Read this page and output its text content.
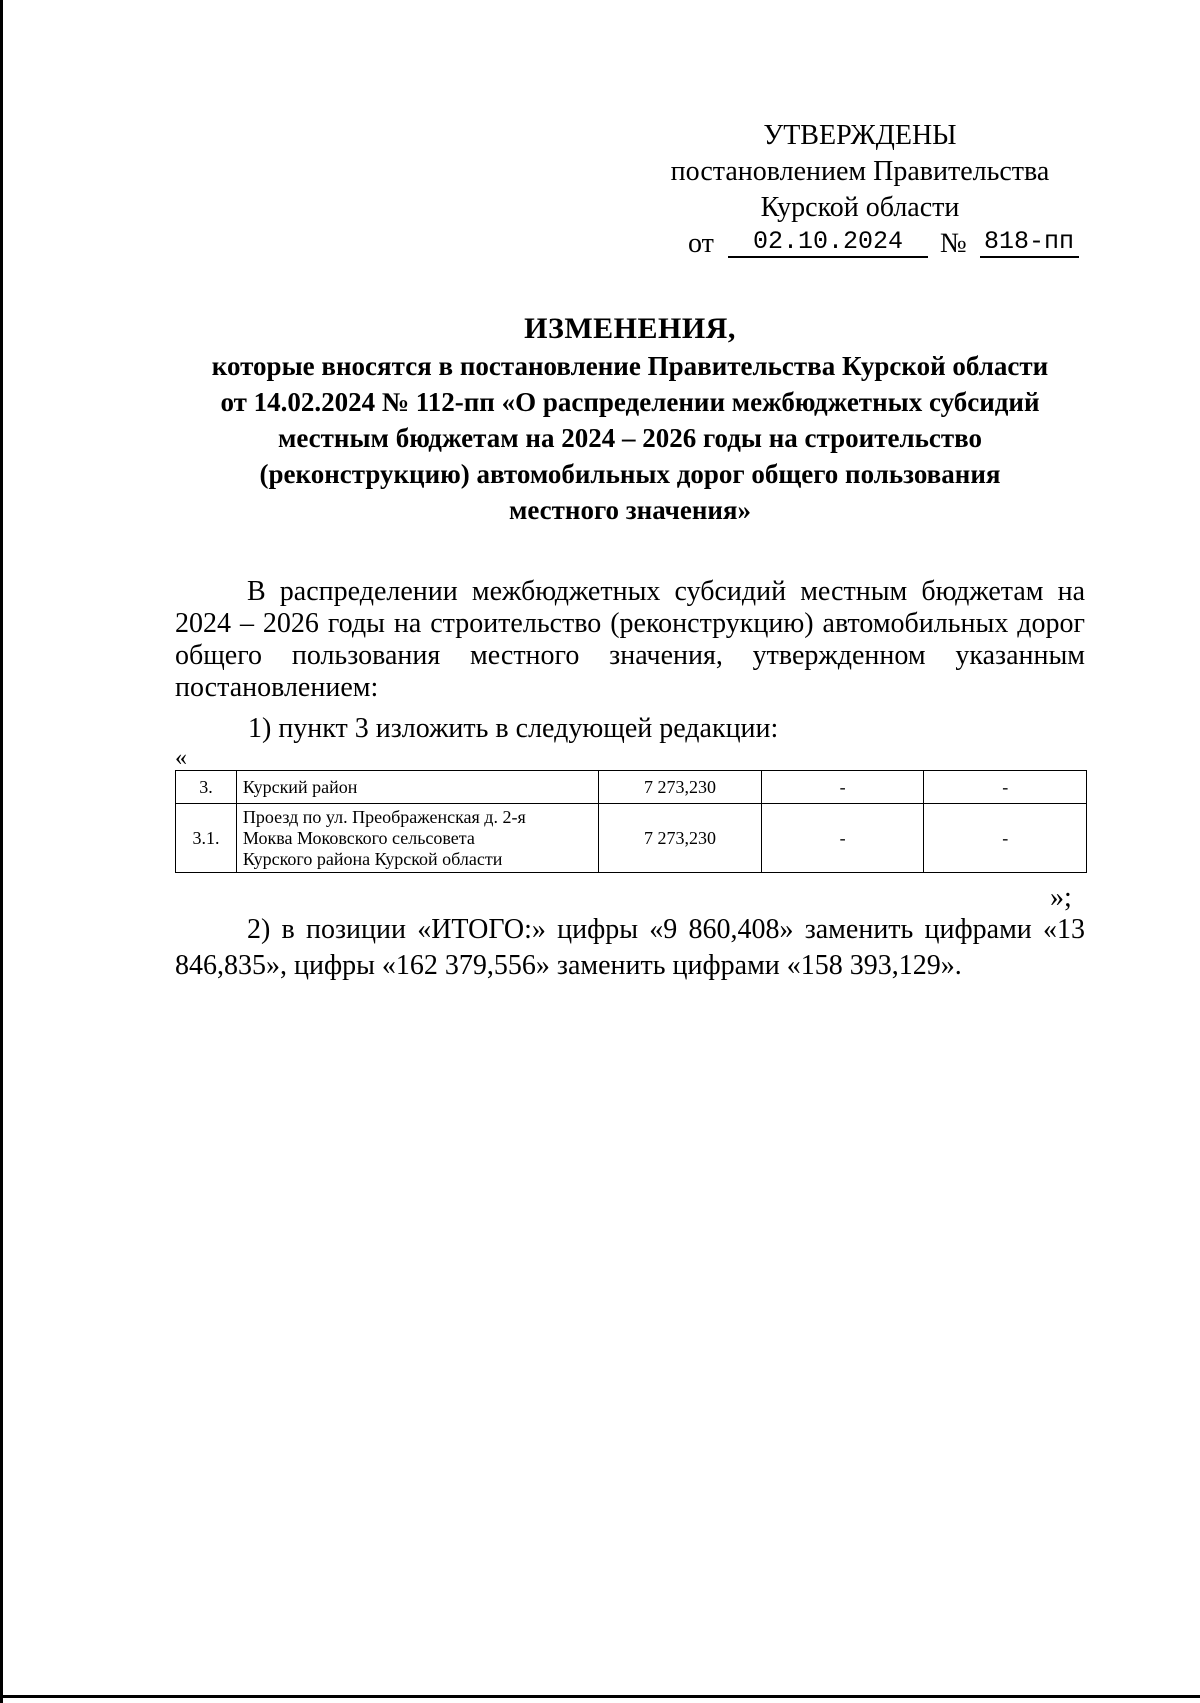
УТВЕРЖДЕНЫ
постановлением Правительства
Курской области
от	02.10.2024	№ 818-пп
ИЗМЕНЕНИЯ,
которые вносятся в постановление Правительства Курской области
от 14.02.2024 № 112-пп «О распределении межбюджетных субсидий
местным бюджетам на 2024 – 2026 годы на строительство
(реконструкцию) автомобильных дорог общего пользования
местного значения»
В распределении межбюджетных субсидий местным бюджетам на 2024 – 2026 годы на строительство (реконструкцию) автомобильных дорог общего пользования местного значения, утвержденном указанным постановлением:
1) пункт 3 изложить в следующей редакции:
«
3.	Курский район	7 273,230	-	-
3.1.	Проезд по ул. Преображенская д. 2-я
Моква Моковского сельсовета
Курского района Курской области	7 273,230	-	-
»;
2) в позиции «ИТОГО:» цифры «9 860,408» заменить цифрами «13 846,835», цифры «162 379,556» заменить цифрами «158 393,129».
